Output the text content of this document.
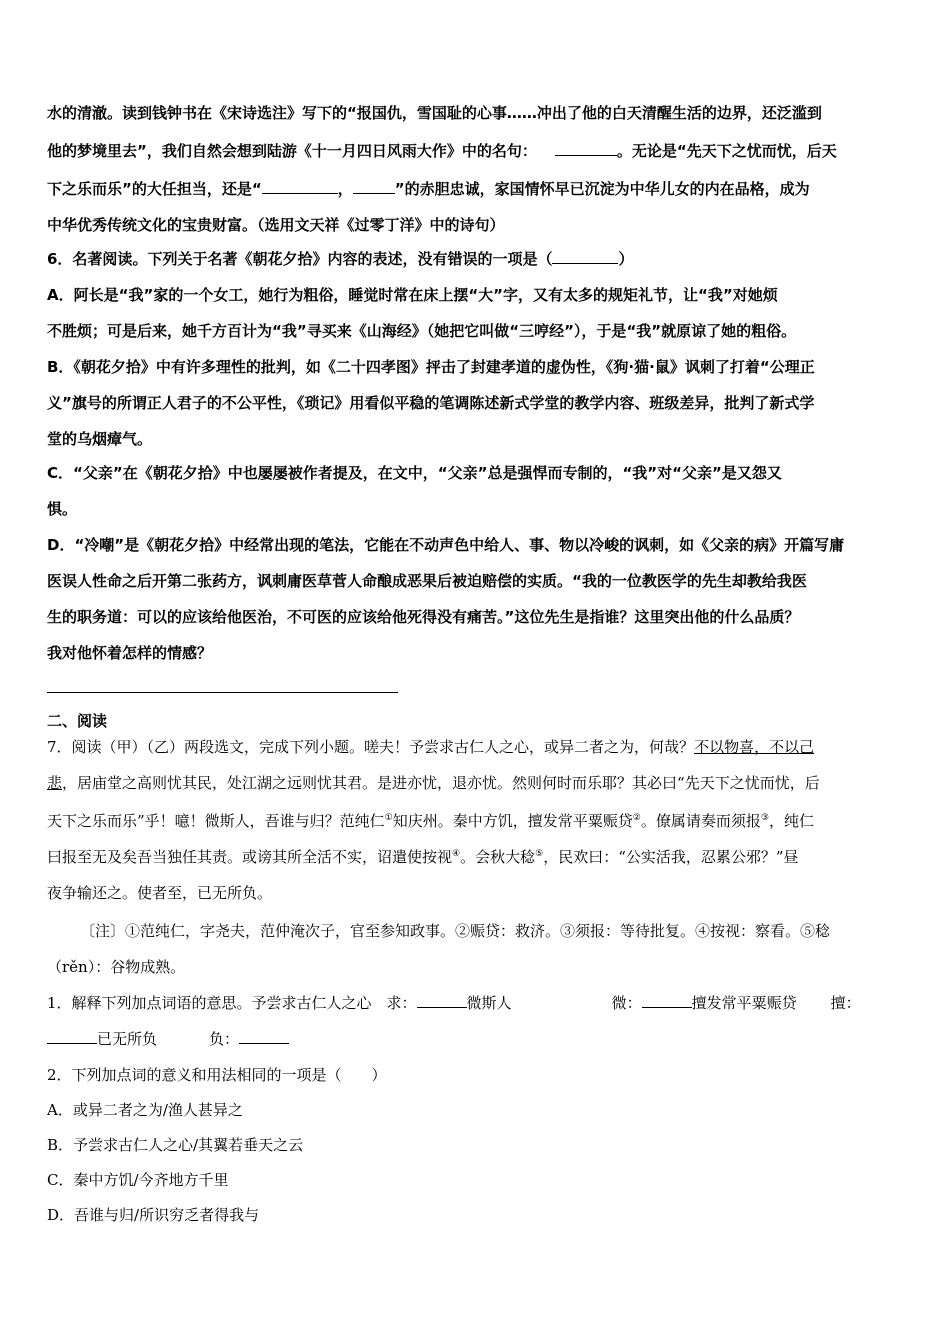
水的清澈。读到钱钟书在《宋诗选注》写下的“报国仇，雪国耻的心事……冲出了他的白天清醒生活的边界，还泛滥到
他的梦境里去”，我们自然会想到陆游《十一月四日风雨大作》中的名句：	。无论是“先天下之忧而忧，后天
下之乐而乐”的大任担当，还是“	，	”的赤胆忠诚，家国情怀早已沉淀为中华儿女的内在品格，成为
中华优秀传统文化的宝贵财富。（选用文天祥《过零丁洋》中的诗句）
6．名著阅读。下列关于名著《朝花夕拾》内容的表述，没有错误的一项是（	）
A．阿长是“我”家的一个女工，她行为粗俗，睡觉时常在床上摆“大”字，又有太多的规矩礼节，让“我”对她烦
不胜烦；可是后来，她千方百计为“我”寻买来《山海经》（她把它叫做“三哼经”），于是“我”就原谅了她的粗俗。
B．《朝花夕拾》中有许多理性的批判，如《二十四孝图》抨击了封建孝道的虚伪性，《狗·猫·鼠》讽刺了打着“公理正
义”旗号的所谓正人君子的不公平性，《琐记》用看似平稳的笔调陈述新式学堂的教学内容、班级差异，批判了新式学
堂的乌烟瘴气。
C．“父亲”在《朝花夕拾》中也屡屡被作者提及，在文中，“父亲”总是强悍而专制的，“我”对“父亲”是又怨又
惧。
D．“冷嘲”是《朝花夕拾》中经常出现的笔法，它能在不动声色中给人、事、物以冷峻的讽刺，如《父亲的病》开篇写庸
医误人性命之后开第二张药方，讽刺庸医草菅人命酿成恶果后被迫赔偿的实质。“我的一位教医学的先生却教给我医
生的职务道：可以的应该给他医治，不可医的应该给他死得没有痛苦。”这位先生是指谁？这里突出他的什么品质？
我对他怀着怎样的情感？
二、阅读
7．阅读（甲）（乙）两段选文，完成下列小题。嗟夫！予尝求古仁人之心，或异二者之为，何哉？不以物喜，不以己
悲，居庙堂之高则忧其民，处江湖之远则忧其君。是进亦忧，退亦忧。然则何时而乐耶？其必曰“先天下之忧而忧，后
天下之乐而乐”乎！噫！微斯人，吾谁与归？范纯仁①知庆州。秦中方饥，擅发常平粟赈贷②。僚属请奏而须报③，纯仁
曰报至无及矣吾当独任其责。或谤其所全活不实，诏遣使按视④。会秋大稔⑤，民欢曰：“公实活我，忍累公邪？”昼
夜争输还之。使者至，已无所负。
〔注〕①范纯仁，字尧夫，范仲淹次子，官至参知政事。②赈贷：救济。③须报：等待批复。④按视：察看。⑤稔
（rěn）：谷物成熟。
1．解释下列加点词语的意思。予尝求古仁人之心　求：	微斯人	微：	擅发常平粟赈贷 擅：
已无所负	负：
2．下列加点词的意义和用法相同的一项是（　　）
A．或异二者之为/渔人甚异之
B．予尝求古仁人之心/其翼若垂天之云
C．秦中方饥/今齐地方千里
D．吾谁与归/所识穷乏者得我与
